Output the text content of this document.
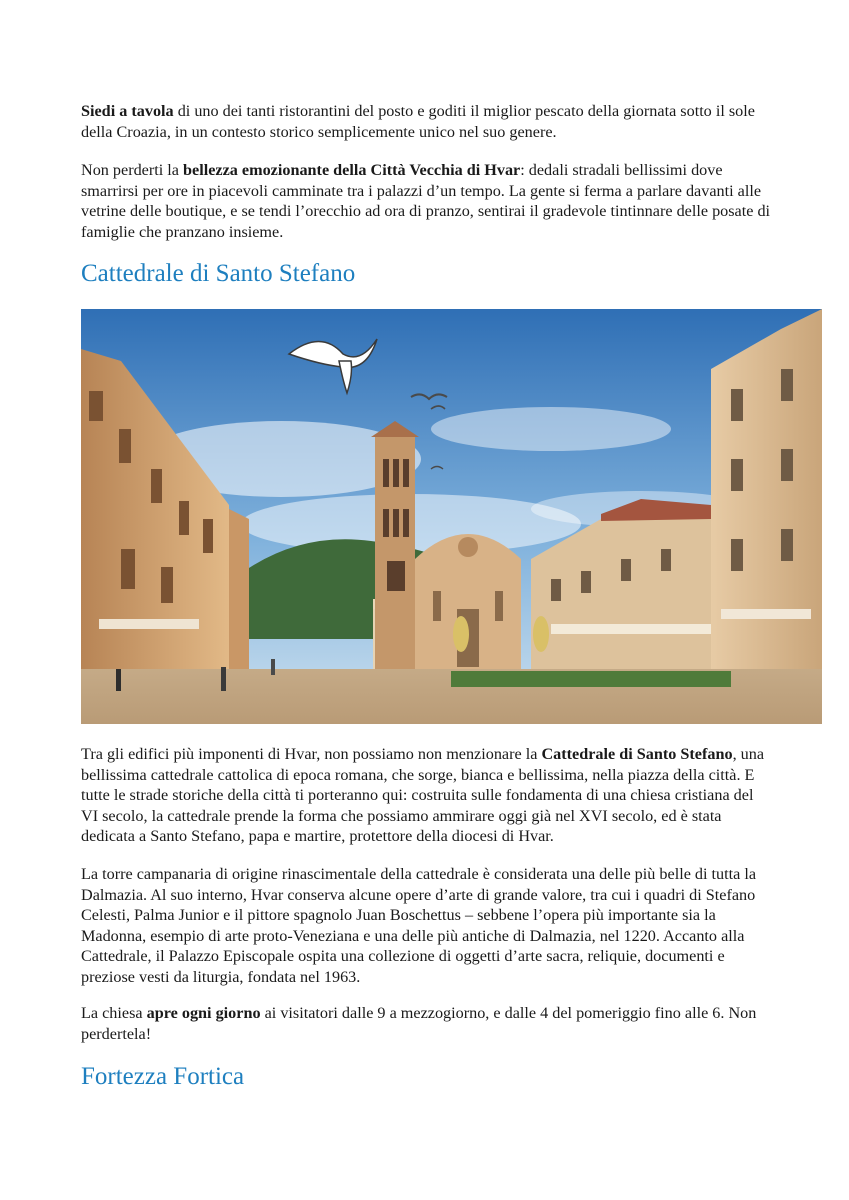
Siedi a tavola di uno dei tanti ristorantini del posto e goditi il miglior pescato della giornata sotto il sole della Croazia, in un contesto storico semplicemente unico nel suo genere.

Non perderti la bellezza emozionante della Città Vecchia di Hvar: dedali stradali bellissimi dove smarrirsi per ore in piacevoli camminate tra i palazzi d’un tempo. La gente si ferma a parlare davanti alle vetrine delle boutique, e se tendi l’orecchio ad ora di pranzo, sentirai il gradevole tintinnare delle posate di famiglie che pranzano insieme.

Cattedrale di Santo Stefano

Tra gli edifici più imponenti di Hvar, non possiamo non menzionare la Cattedrale di Santo Stefano, una bellissima cattedrale cattolica di epoca romana, che sorge, bianca e bellissima, nella piazza della città. E tutte le strade storiche della città ti porteranno qui: costruita sulle fondamenta di una chiesa cristiana del VI secolo, la cattedrale prende la forma che possiamo ammirare oggi già nel XVI secolo, ed è stata dedicata a Santo Stefano, papa e martire, protettore della diocesi di Hvar.

La torre campanaria di origine rinascimentale della cattedrale è considerata una delle più belle di tutta la Dalmazia. Al suo interno, Hvar conserva alcune opere d’arte di grande valore, tra cui i quadri di Stefano Celesti, Palma Junior e il pittore spagnolo Juan Boschettus – sebbene l’opera più importante sia la Madonna, esempio di arte proto-Veneziana e una delle più antiche di Dalmazia, nel 1220. Accanto alla Cattedrale, il Palazzo Episcopale ospita una collezione di oggetti d’arte sacra, reliquie, documenti e preziose vesti da liturgia, fondata nel 1963.

La chiesa apre ogni giorno ai visitatori dalle 9 a mezzogiorno, e dalle 4 del pomeriggio fino alle 6. Non perdertela!

Fortezza Fortica
